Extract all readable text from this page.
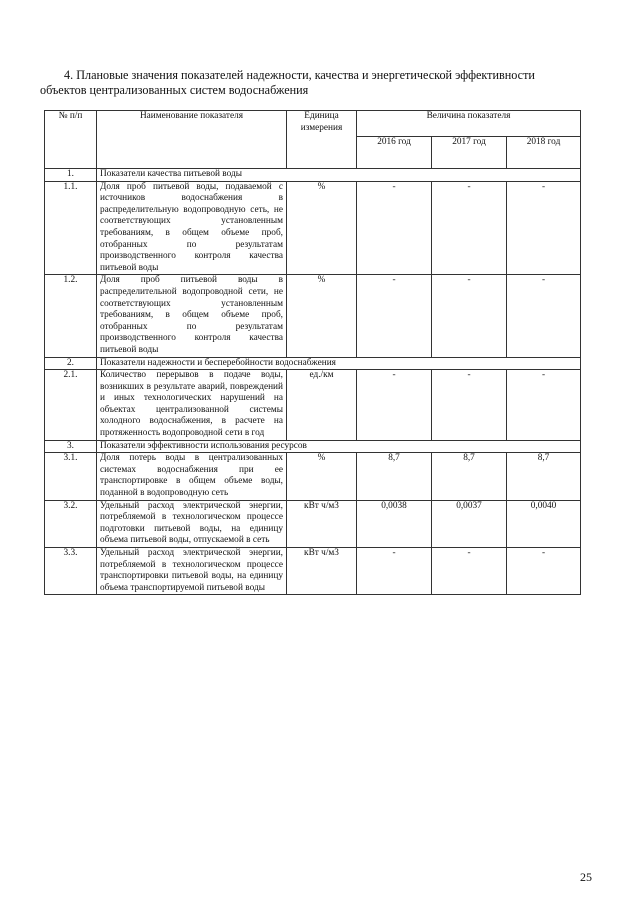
4. Плановые значения показателей надежности, качества и энергетической эффективности
объектов централизованных систем водоснабжения
№ п/п	Наименование показателя	Единица измерения	Величина показателя		
			2016 год	2017 год	2018 год
1.	Показатели качества питьевой воды				
1.1.	Доля проб питьевой воды, подаваемой с источников водоснабжения в распределительную водопроводную сеть, не соответствующих установленным требованиям, в общем объеме проб, отобранных по результатам производственного контроля качества питьевой воды	%	-	-	-
1.2.	Доля проб питьевой воды в распределительной водопроводной сети, не соответствующих установленным требованиям, в общем объеме проб, отобранных по результатам производственного контроля качества питьевой воды	%	-	-	-
2.	Показатели надежности и бесперебойности водоснабжения				
2.1.	Количество перерывов в подаче воды, возникших в результате аварий, повреждений и иных технологических нарушений на объектах централизованной системы холодного водоснабжения, в расчете на протяженность водопроводной сети в год	ед./км	-	-	-
3.	Показатели эффективности использования ресурсов				
3.1.	Доля потерь воды в централизованных системах водоснабжения при ее транспортировке в общем объеме воды, поданной в водопроводную сеть	%	8,7	8,7	8,7
3.2.	Удельный расход электрической энергии, потребляемой в технологическом процессе подготовки питьевой воды, на единицу объема питьевой воды, отпускаемой в сеть	кВт ч/м3	0,0038	0,0037	0,0040
3.3.	Удельный расход электрической энергии, потребляемой в технологическом процессе транспортировки питьевой воды, на единицу объема транспортируемой питьевой воды	кВт ч/м3	-	-	-
25
